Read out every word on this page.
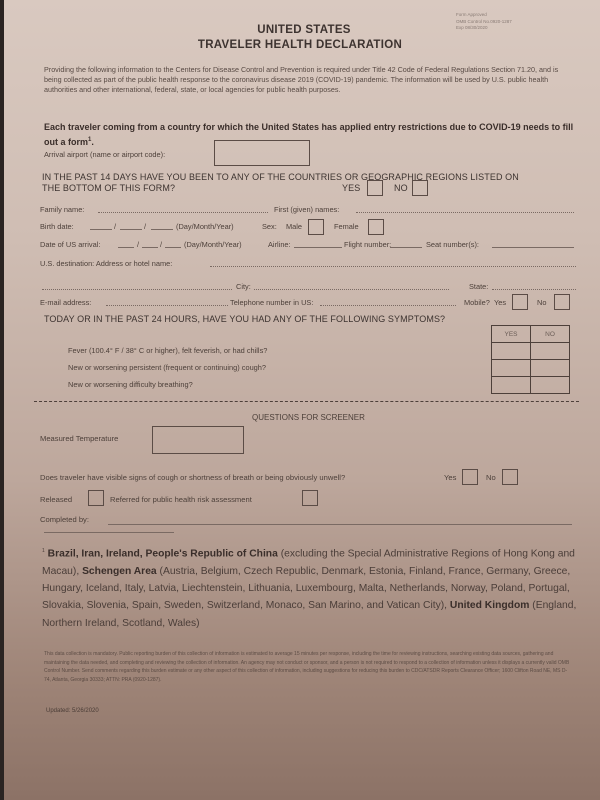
UNITED STATES
TRAVELER HEALTH DECLARATION
Form Approved
OMB Control No.0920-1287
Exp 08/30/2020
Providing the following information to the Centers for Disease Control and Prevention is required under Title 42 Code of Federal Regulations Section 71.20, and is being collected as part of the public health response to the coronavirus disease 2019 (COVID-19) pandemic. The information will be used by U.S. public health authorities and other international, federal, state, or local agencies for public health purposes.
Each traveler coming from a country for which the United States has applied entry restrictions due to COVID-19 needs to fill out a form$^1$.
Arrival airport (name or airport code):
IN THE PAST 14 DAYS HAVE YOU BEEN TO ANY OF THE COUNTRIES OR GEOGRAPHIC REGIONS LISTED ON
THE BOTTOM OF THIS FORM?	YES	NO
Family name:	First (given) names:
Birth date:	/	/	(Day/Month/Year)	Sex: Male	Female
Date of US arrival:	/	/	(Day/Month/Year)	Airline:	Flight number:	Seat number(s):
U.S. destination: Address or hotel name:
City:	State:
E-mail address:	Telephone number in US:	Mobile? Yes	No
TODAY OR IN THE PAST 24 HOURS, HAVE YOU HAD ANY OF THE FOLLOWING SYMPTOMS?
YES	NO

Fever (100.4° F / 38° C or higher), felt feverish, or had chills?
New or worsening persistent (frequent or continuing) cough?
New or worsening difficulty breathing?
QUESTIONS FOR SCREENER
Measured Temperature
Does traveler have visible signs of cough or shortness of breath or being obviously unwell?	Yes	No
Released	Referred for public health risk assessment
Completed by:
$^1$ Brazil, Iran, Ireland, People's Republic of China (excluding the Special Administrative Regions of Hong Kong and Macau), Schengen Area (Austria, Belgium, Czech Republic, Denmark, Estonia, Finland, France, Germany, Greece, Hungary, Iceland, Italy, Latvia, Liechtenstein, Lithuania, Luxembourg, Malta, Netherlands, Norway, Poland, Portugal, Slovakia, Slovenia, Spain, Sweden, Switzerland, Monaco, San Marino, and Vatican City), United Kingdom (England, Northern Ireland, Scotland, Wales)
This data collection is mandatory. Public reporting burden of this collection of information is estimated to average 15 minutes per response, including the time for reviewing instructions, searching existing data sources, gathering and maintaining the data needed, and completing and reviewing the collection of information. An agency may not conduct or sponsor, and a person is not required to respond to a collection of information unless it displays a currently valid OMB Control Number. Send comments regarding this burden estimate or any other aspect of this collection of information, including suggestions for reducing this burden to CDC/ATSDR Reports Clearance Officer; 1600 Clifton Road NE, MS D-74, Atlanta, Georgia 30333; ATTN: PRA (0920-1287).
Updated: 5/26/2020
